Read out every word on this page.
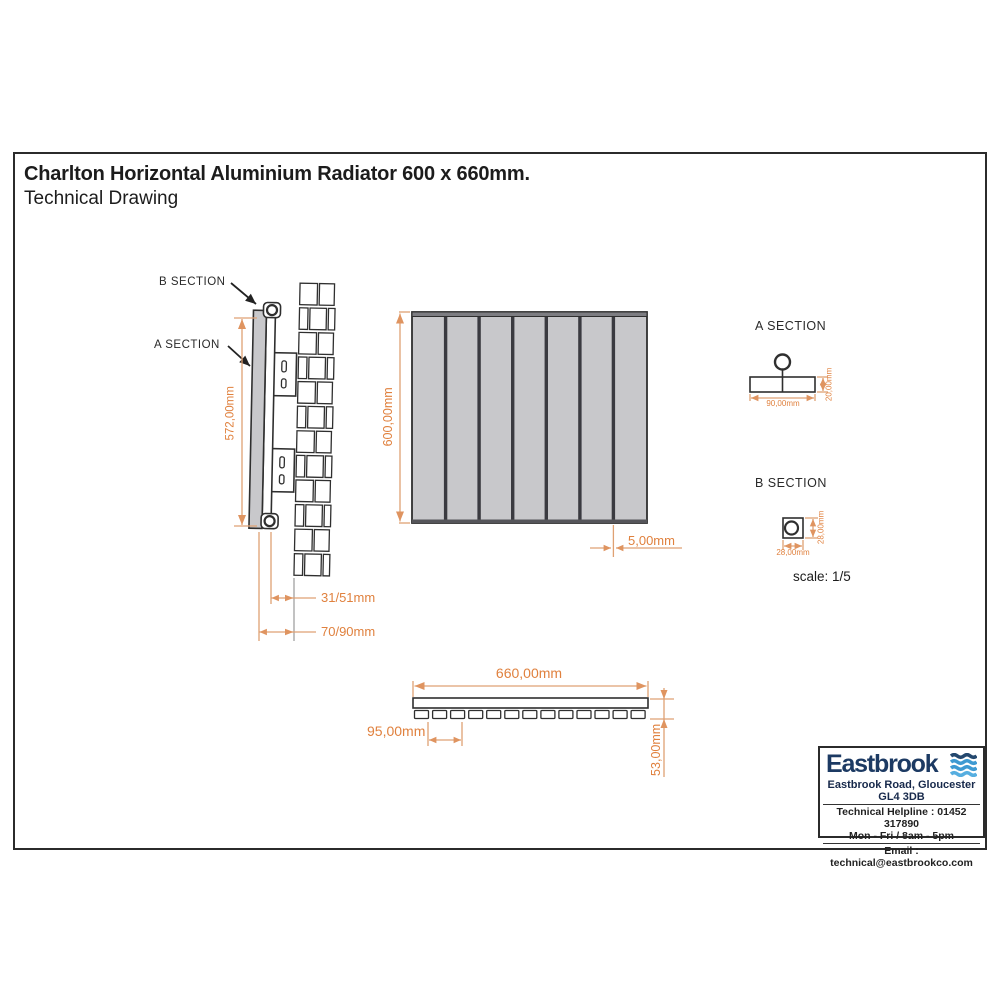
Charlton Horizontal Aluminium Radiator 600 x 660mm.
Technical Drawing
B SECTION
A SECTION
572,00mm
31/51mm
70/90mm
600,00mm
5,00mm
A SECTION
90,00mm
20,00mm
B SECTION
28,00mm
28,00mm
scale: 1/5
660,00mm
95,00mm	53,00mm	Eastbrook
Eastbrook Road, Gloucester GL4 3DB
Technical Helpline : 01452 317890
Mon - Fri / 8am - 5pm
Email : technical@eastbrookco.com
